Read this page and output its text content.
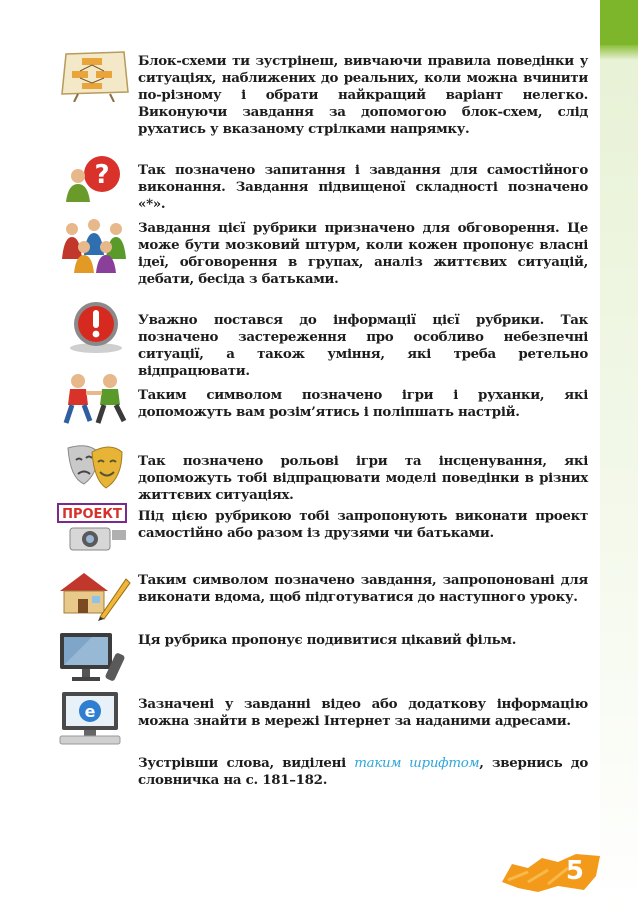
Блок-схеми ти зустрінеш, вивчаючи правила поведінки у ситуаціях, наближених до реальних, коли можна вчинити по-різному і обрати найкращий варіант нелегко. Виконуючи завдання за допомогою блок-схем, слід рухатись у вказаному стрілками напрямку.
? Так позначено запитання і завдання для самостійного виконання. Завдання підвищеної складності позначено «*».
Завдання цієї рубрики призначено для обговорення. Це може бути мозковий штурм, коли кожен пропонує власні ідеї, обговорення в групах, аналіз життєвих ситуацій, дебати, бесіда з батьками.
Уважно постався до інформації цієї рубрики. Так позначено застереження про особливо небезпечні ситуації, а також уміння, які треба ретельно відпрацювати.
Таким символом позначено ігри і руханки, які допоможуть вам розім’ятись і поліпшать настрій.
Так позначено рольові ігри та інсценування, які допоможуть тобі відпрацювати моделі поведінки в різних життєвих ситуаціях.
ПРОЕКТ Під цією рубрикою тобі запропонують виконати проект самостійно або разом із друзями чи батьками.
Таким символом позначено завдання, запропоновані для виконати вдома, щоб підготуватися до наступного уроку.
Ця рубрика пропонує подивитися цікавий фільм.
e	Зазначені у завданні відео або додаткову інформацію можна знайти в мережі Інтернет за наданими адресами.
Зустрівши слова, виділені таким шрифтом, звернись до словничка на с. 181–182.
5
